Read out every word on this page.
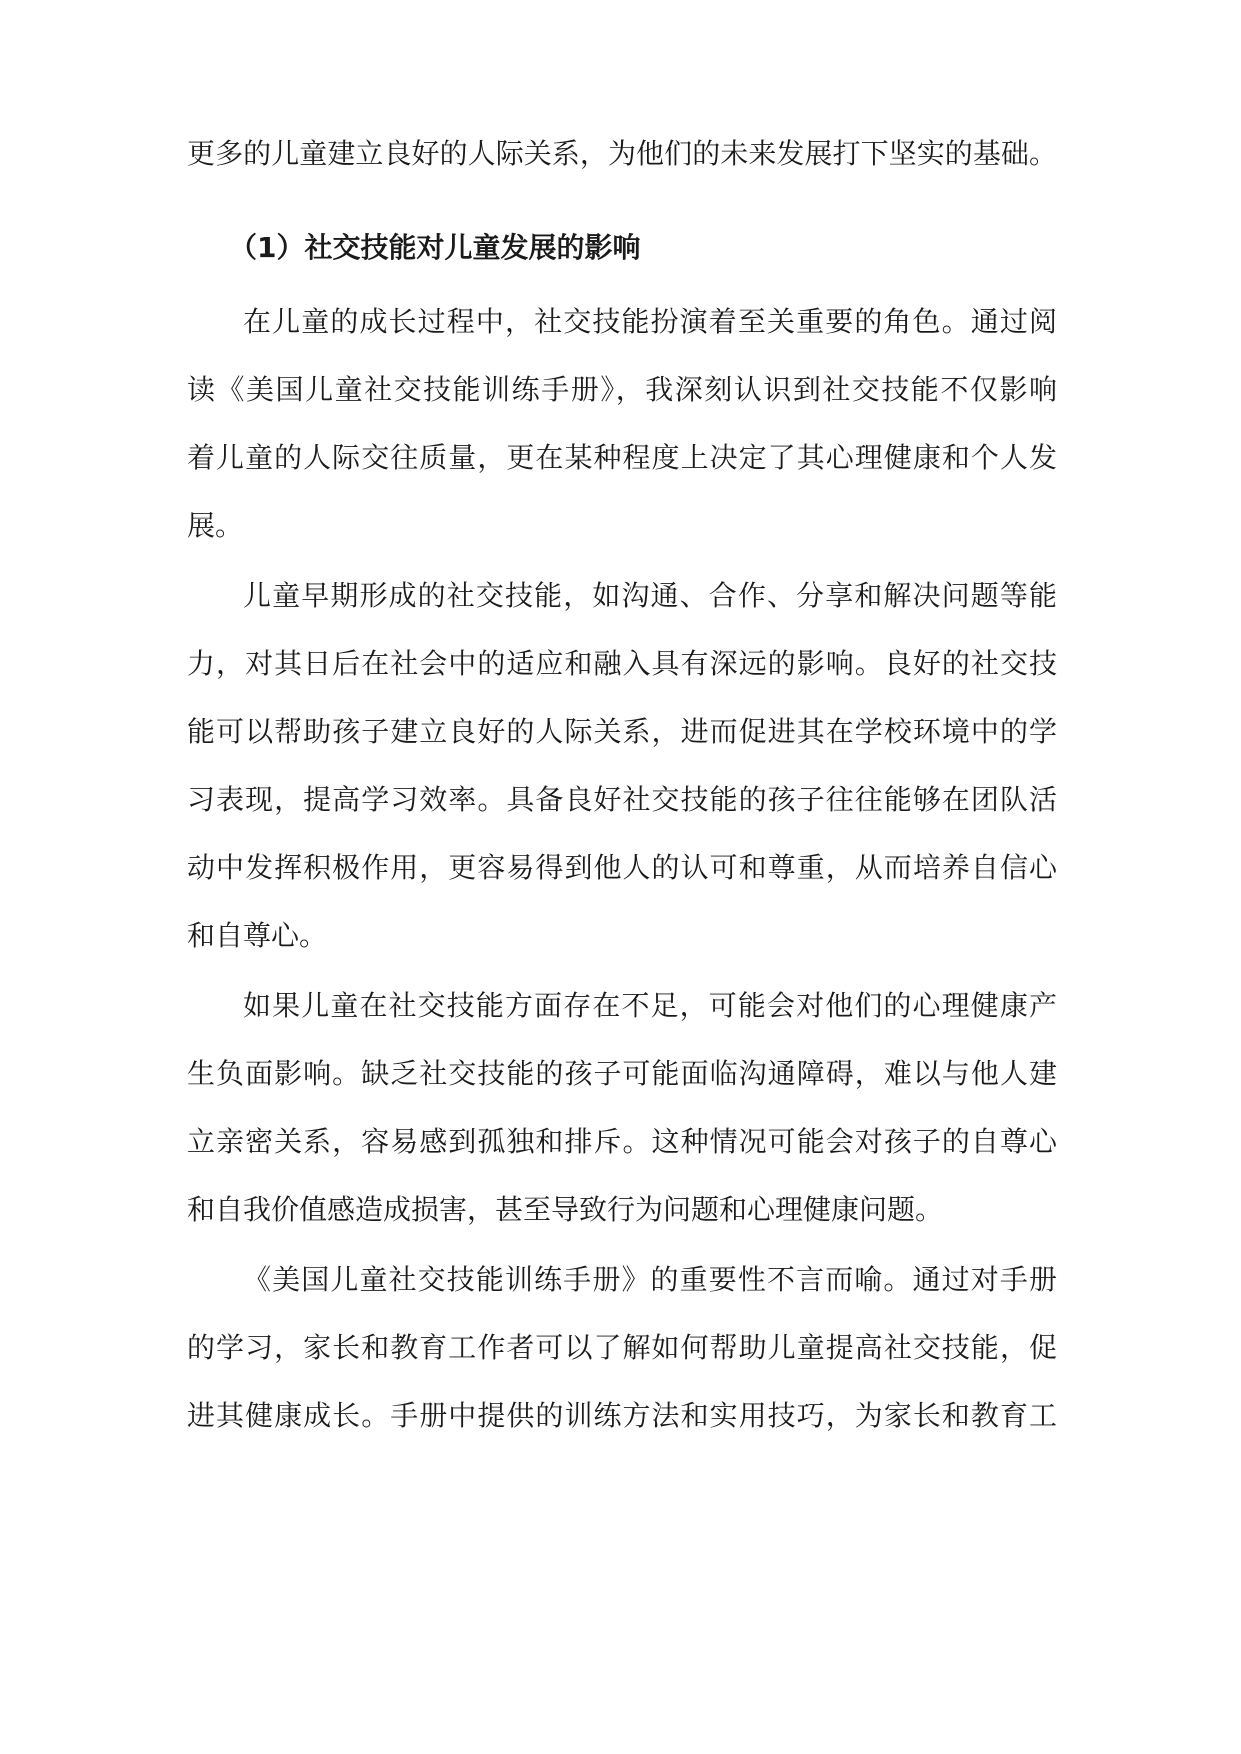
更多的儿童建立良好的人际关系，为他们的未来发展打下坚实的基础。

（1）社交技能对儿童发展的影响

在儿童的成长过程中，社交技能扮演着至关重要的角色。通过阅

读《美国儿童社交技能训练手册》，我深刻认识到社交技能不仅影响

着儿童的人际交往质量，更在某种程度上决定了其心理健康和个人发

展。

儿童早期形成的社交技能，如沟通、合作、分享和解决问题等能

力，对其日后在社会中的适应和融入具有深远的影响。良好的社交技

能可以帮助孩子建立良好的人际关系，进而促进其在学校环境中的学

习表现，提高学习效率。具备良好社交技能的孩子往往能够在团队活

动中发挥积极作用，更容易得到他人的认可和尊重，从而培养自信心

和自尊心。

如果儿童在社交技能方面存在不足，可能会对他们的心理健康产

生负面影响。缺乏社交技能的孩子可能面临沟通障碍，难以与他人建

立亲密关系，容易感到孤独和排斥。这种情况可能会对孩子的自尊心

和自我价值感造成损害，甚至导致行为问题和心理健康问题。

《美国儿童社交技能训练手册》的重要性不言而喻。通过对手册

的学习，家长和教育工作者可以了解如何帮助儿童提高社交技能，促

进其健康成长。手册中提供的训练方法和实用技巧，为家长和教育工
